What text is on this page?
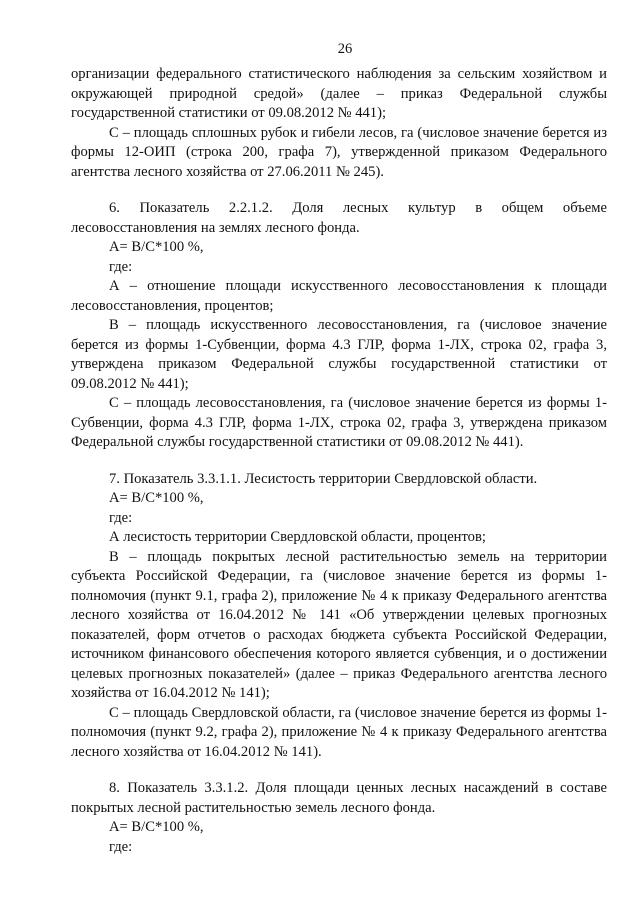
26

организации федерального статистического наблюдения за сельским хозяйством и окружающей природной средой» (далее – приказ Федеральной службы государственной статистики от 09.08.2012 № 441);

С – площадь сплошных рубок и гибели лесов, га (числовое значение берется из формы 12-ОИП (строка 200, графа 7), утвержденной приказом Федерального агентства лесного хозяйства от 27.06.2011 № 245).

6. Показатель 2.2.1.2. Доля лесных культур в общем объеме лесовосстановления на землях лесного фонда.

А= В/С*100 %,

где:

А – отношение площади искусственного лесовосстановления к площади лесовосстановления, процентов;

В – площадь искусственного лесовосстановления, га (числовое значение берется из формы 1-Субвенции, форма 4.3 ГЛР, форма 1-ЛХ, строка 02, графа 3, утверждена приказом Федеральной службы государственной статистики от 09.08.2012 № 441);

С – площадь лесовосстановления, га (числовое значение берется из формы 1-Субвенции, форма 4.3 ГЛР, форма 1-ЛХ, строка 02, графа 3, утверждена приказом Федеральной службы государственной статистики от 09.08.2012 № 441).

7. Показатель 3.3.1.1. Лесистость территории Свердловской области.

А= В/С*100 %,

где:

А лесистость территории Свердловской области, процентов;

В – площадь покрытых лесной растительностью земель на территории субъекта Российской Федерации, га (числовое значение берется из формы 1-полномочия (пункт 9.1, графа 2), приложение № 4 к приказу Федерального агентства лесного хозяйства от 16.04.2012 № 141 «Об утверждении целевых прогнозных показателей, форм отчетов о расходах бюджета субъекта Российской Федерации, источником финансового обеспечения которого является субвенция, и о достижении целевых прогнозных показателей» (далее – приказ Федерального агентства лесного хозяйства от 16.04.2012 № 141);

С – площадь Свердловской области, га (числовое значение берется из формы 1-полномочия (пункт 9.2, графа 2), приложение № 4 к приказу Федерального агентства лесного хозяйства от 16.04.2012 № 141).

8. Показатель 3.3.1.2. Доля площади ценных лесных насаждений в составе покрытых лесной растительностью земель лесного фонда.

А= В/С*100 %,

где:
